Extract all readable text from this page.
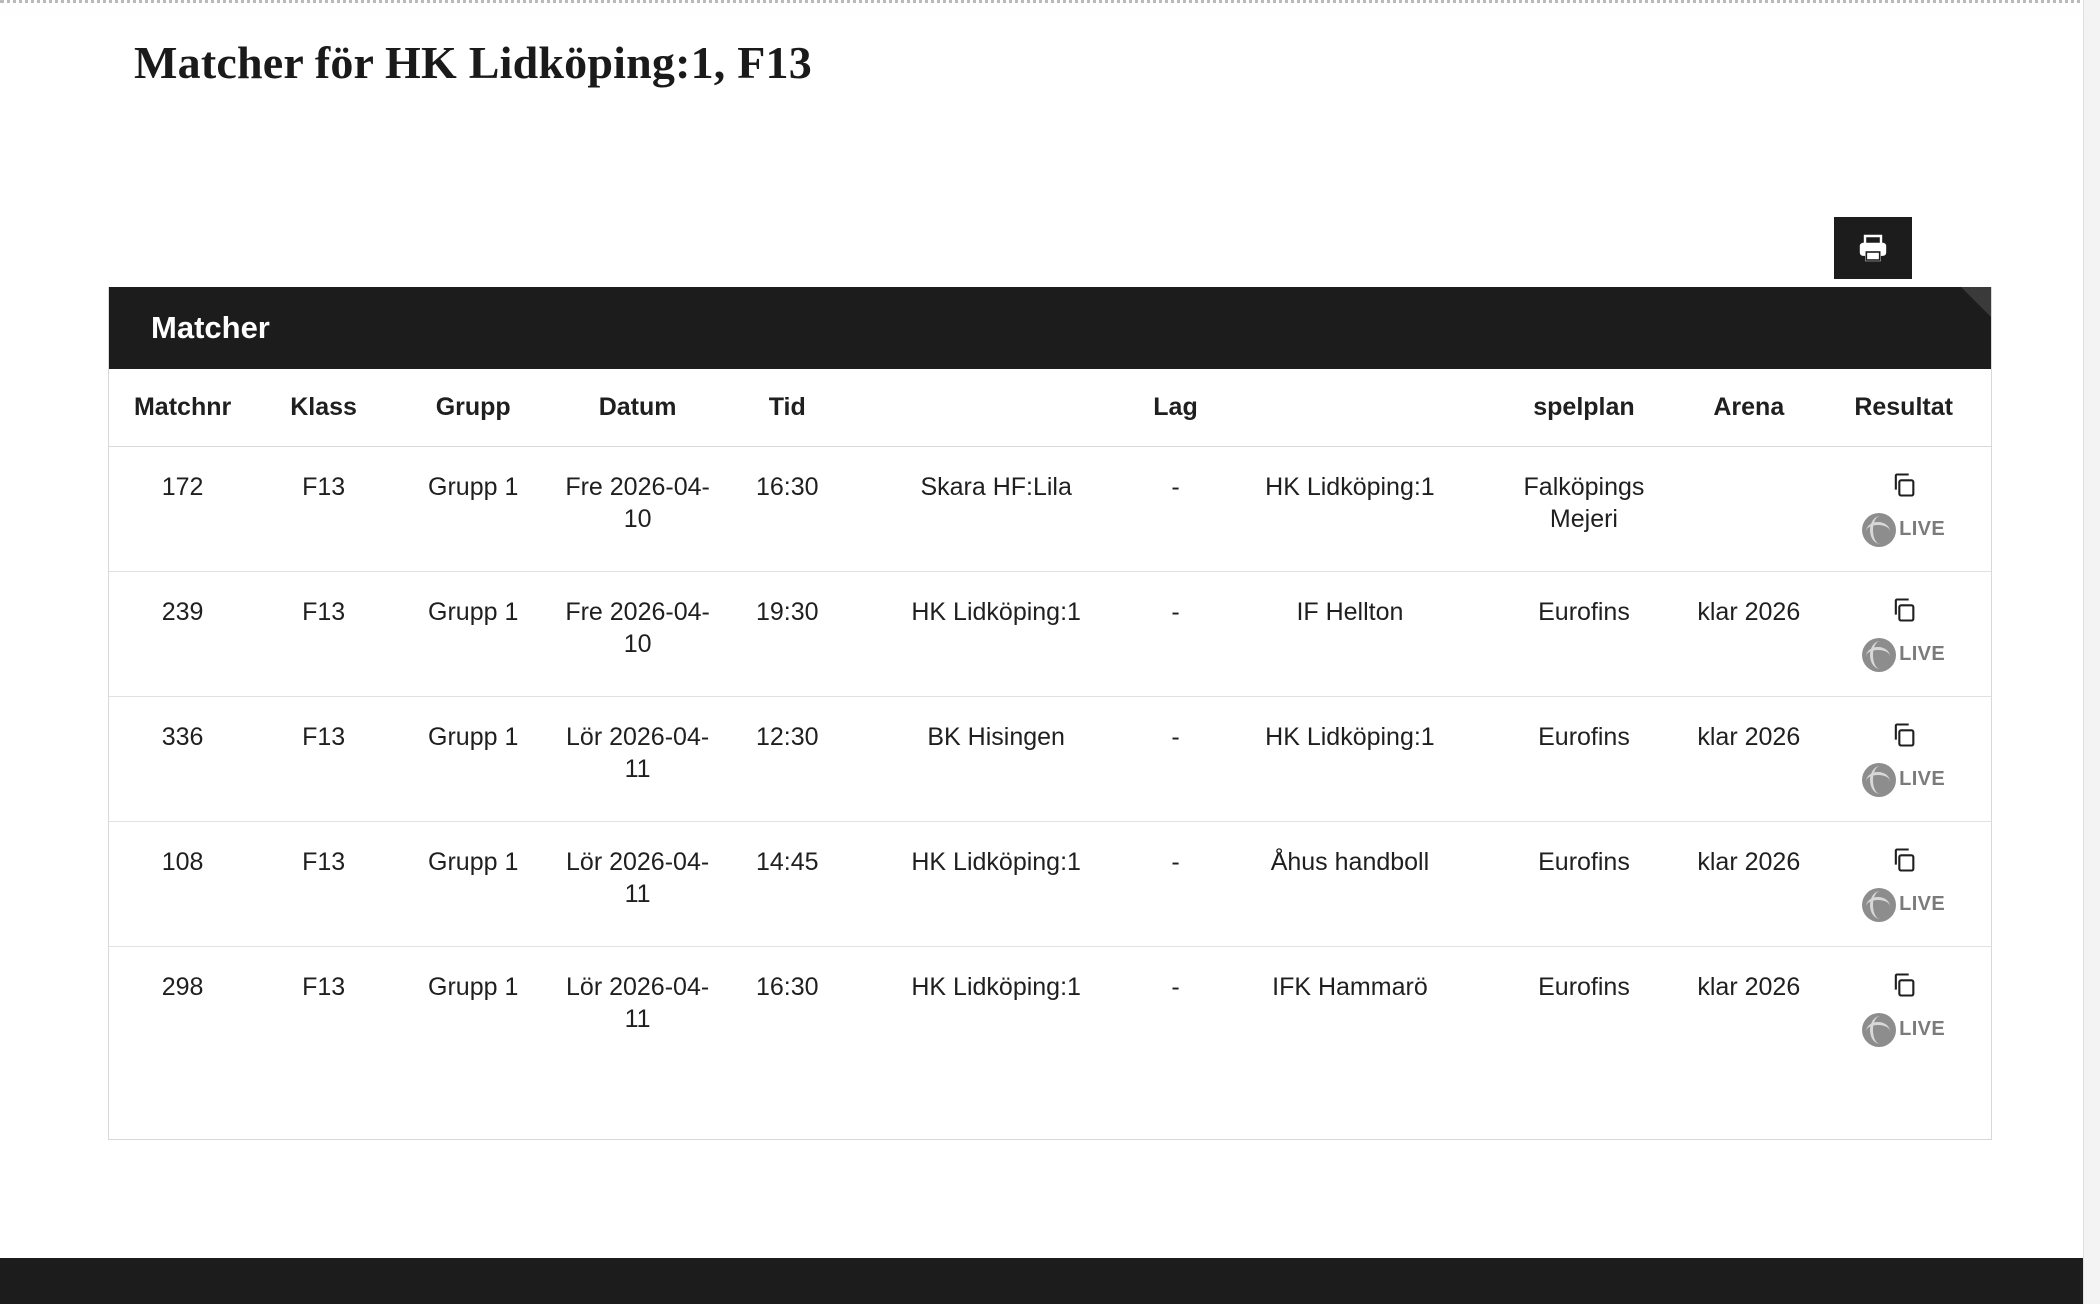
Matcher för HK Lidköping:1, F13
Matcher
Matchnr	Klass	Grupp	Datum	Tid		Lag		spelplan	Arena	Resultat
172	F13	Grupp 1	Fre 2026-04-10	16:30	Skara HF:Lila	-	HK Lidköping:1	Falköpings Mejeri		LIVE

239	F13	Grupp 1	Fre 2026-04-10	19:30	HK Lidköping:1	-	IF Hellton	Eurofins	klar 2026	LIVE

336	F13	Grupp 1	Lör 2026-04-11	12:30	BK Hisingen	-	HK Lidköping:1	Eurofins	klar 2026	LIVE

108	F13	Grupp 1	Lör 2026-04-11	14:45	HK Lidköping:1	-	Åhus handboll	Eurofins	klar 2026	LIVE

298	F13	Grupp 1	Lör 2026-04-11	16:30	HK Lidköping:1	-	IFK Hammarö	Eurofins	klar 2026	LIVE
